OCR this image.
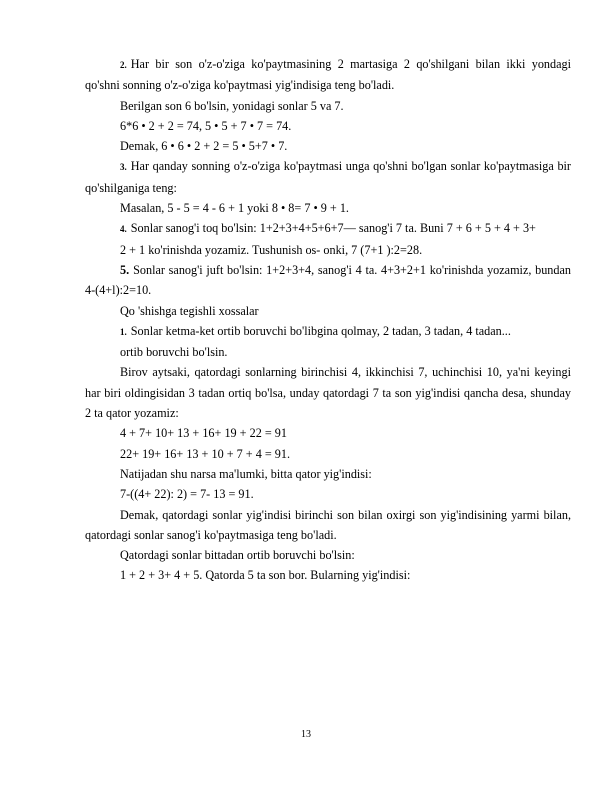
2. Har bir son o'z-o'ziga ko'paytmasining 2 martasiga 2 qo'shilgani bilan ikki yondagi qo'shni sonning o'z-o'ziga ko'paytmasi yig'indisiga teng bo'ladi.

Berilgan son 6 bo'lsin, yonidagi sonlar 5 va 7.

6*6 • 2 + 2 = 74, 5 • 5 + 7 • 7 = 74.

Demak, 6 • 6 • 2 + 2 = 5 • 5+7 • 7.

3. Har qanday sonning o'z-o'ziga ko'paytmasi unga qo'shni bo'lgan sonlar ko'paytmasiga bir qo'shilganiga teng:

Masalan, 5 - 5 = 4 - 6 + 1 yoki 8 • 8= 7 • 9 + 1.

4. Sonlar sanog'i toq bo'lsin: 1+2+3+4+5+6+7— sanog'i 7 ta. Buni 7 + 6 + 5 + 4 + 3+

2 + 1 ko'rinishda yozamiz. Tushunish os- onki, 7 (7+1 ):2=28.

5. Sonlar sanog'i juft bo'lsin: 1+2+3+4, sanog'i 4 ta. 4+3+2+1 ko'rinishda yozamiz, bundan 4-(4+l):2=10.

Qo 'shishga tegishli xossalar

1. Sonlar ketma-ket ortib boruvchi bo'libgina qolmay, 2 tadan, 3 tadan, 4 tadan...

ortib boruvchi bo'lsin.

Birov aytsaki, qatordagi sonlarning birinchisi 4, ikkinchisi 7, uchinchisi 10, ya'ni keyingi har biri oldingisidan 3 tadan ortiq bo'lsa, unday qatordagi 7 ta son yig'indisi qancha desa, shunday 2 ta qator yozamiz:

4 + 7+ 10+ 13 + 16+ 19 + 22 = 91

22+ 19+ 16+ 13 + 10 + 7 + 4 = 91.

Natijadan shu narsa ma'lumki, bitta qator yig'indisi:

7-((4+ 22): 2) = 7- 13 = 91.

Demak, qatordagi sonlar yig'indisi birinchi son bilan oxirgi son yig'indisining yarmi bilan, qatordagi sonlar sanog'i ko'paytmasiga teng bo'ladi.

Qatordagi sonlar bittadan ortib boruvchi bo'lsin:

1 + 2 + 3+ 4 + 5. Qatorda 5 ta son bor. Bularning yig'indisi:

13
